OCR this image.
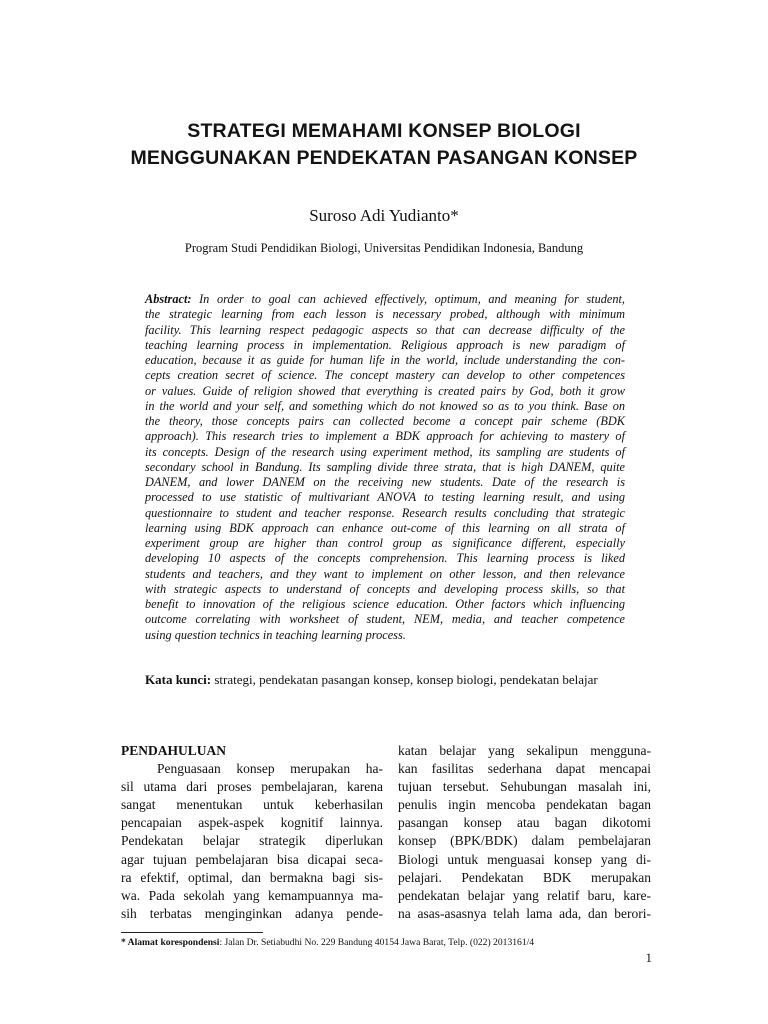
STRATEGI MEMAHAMI KONSEP BIOLOGI
MENGGUNAKAN PENDEKATAN PASANGAN KONSEP
Suroso Adi Yudianto*
Program Studi Pendidikan Biologi, Universitas Pendidikan Indonesia, Bandung
Abstract: In order to goal can achieved effectively, optimum, and meaning for student,
the strategic learning from each lesson is necessary probed, although with minimum
facility. This learning respect pedagogic aspects so that can decrease difficulty of the
teaching learning process in implementation. Religious approach is new paradigm of
education, because it as guide for human life in the world, include understanding the con-
cepts creation secret of science. The concept mastery can develop to other competences
or values. Guide of religion showed that everything is created pairs by God, both it grow
in the world and your self, and something which do not knowed so as to you think. Base on
the theory, those concepts pairs can collected become a concept pair scheme (BDK
approach). This research tries to implement a BDK approach for achieving to mastery of
its concepts. Design of the research using experiment method, its sampling are students of
secondary school in Bandung. Its sampling divide three strata, that is high DANEM, quite
DANEM, and lower DANEM on the receiving new students. Date of the research is
processed to use statistic of multivariant ANOVA to testing learning result, and using
questionnaire to student and teacher response. Research results concluding that strategic
learning using BDK approach can enhance out-come of this learning on all strata of
experiment group are higher than control group as significance different, especially
developing 10 aspects of the concepts comprehension. This learning process is liked
students and teachers, and they want to implement on other lesson, and then relevance
with strategic aspects to understand of concepts and developing process skills, so that
benefit to innovation of the religious science education. Other factors which influencing
outcome correlating with worksheet of student, NEM, media, and teacher competence
using question technics in teaching learning process.
Kata kunci: strategi, pendekatan pasangan konsep, konsep biologi, pendekatan belajar
PENDAHULUAN
Penguasaan konsep merupakan ha-
sil utama dari proses pembelajaran, karena
sangat menentukan untuk keberhasilan
pencapaian aspek-aspek kognitif lainnya.
Pendekatan belajar strategik diperlukan
agar tujuan pembelajaran bisa dicapai seca-
ra efektif, optimal, dan bermakna bagi sis-
wa. Pada sekolah yang kemampuannya ma-
sih terbatas menginginkan adanya pende-
katan belajar yang sekalipun mengguna-
kan fasilitas sederhana dapat mencapai
tujuan tersebut. Sehubungan masalah ini,
penulis ingin mencoba pendekatan bagan
pasangan konsep atau bagan dikotomi
konsep (BPK/BDK) dalam pembelajaran
Biologi untuk menguasai konsep yang di-
pelajari. Pendekatan BDK merupakan
pendekatan belajar yang relatif baru, kare-
na asas-asasnya telah lama ada, dan berori-
* Alamat korespondensi: Jalan Dr. Setiabudhi No. 229 Bandung 40154 Jawa Barat, Telp. (022) 2013161/4
1
